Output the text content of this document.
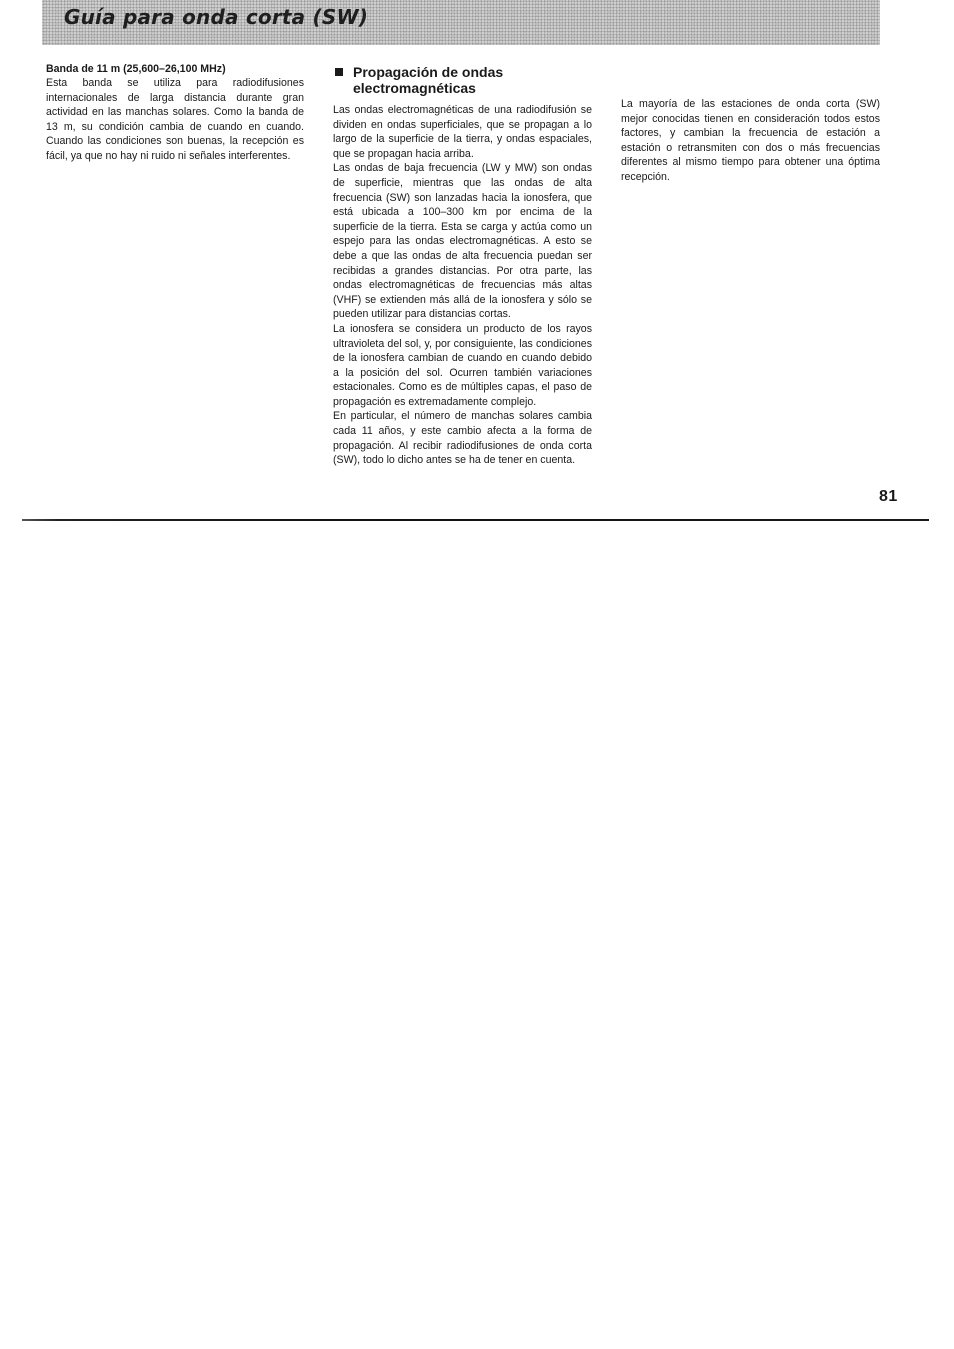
Guía para onda corta (SW)

Banda de 11 m (25,600–26,100 MHz)

Esta banda se utiliza para radiodifusiones internacionales de larga distancia durante gran actividad en las manchas solares. Como la banda de 13 m, su condición cambia de cuando en cuando. Cuando las condiciones son buenas, la recepción es fácil, ya que no hay ni ruido ni señales interferentes.

Propagación de ondas electromagnéticas

Las ondas electromagnéticas de una radiodifusión se dividen en ondas superficiales, que se propagan a lo largo de la superficie de la tierra, y ondas espaciales, que se propagan hacia arriba.

Las ondas de baja frecuencia (LW y MW) son ondas de superficie, mientras que las ondas de alta frecuencia (SW) son lanzadas hacia la ionosfera, que está ubicada a 100–300 km por encima de la superficie de la tierra. Esta se carga y actúa como un espejo para las ondas electromagnéticas. A esto se debe a que las ondas de alta frecuencia puedan ser recibidas a grandes distancias. Por otra parte, las ondas electromagnéticas de frecuencias más altas (VHF) se extienden más allá de la ionosfera y sólo se pueden utilizar para distancias cortas.

La ionosfera se considera un producto de los rayos ultravioleta del sol, y, por consiguiente, las condiciones de la ionosfera cambian de cuando en cuando debido a la posición del sol. Ocurren también variaciones estacionales. Como es de múltiples capas, el paso de propagación es extremadamente complejo.

En particular, el número de manchas solares cambia cada 11 años, y este cambio afecta a la forma de propagación. Al recibir radiodifusiones de onda corta (SW), todo lo dicho antes se ha de tener en cuenta.

La mayoría de las estaciones de onda corta (SW) mejor conocidas tienen en consideración todos estos factores, y cambian la frecuencia de estación a estación o retransmiten con dos o más frecuencias diferentes al mismo tiempo para obtener una óptima recepción.

81
